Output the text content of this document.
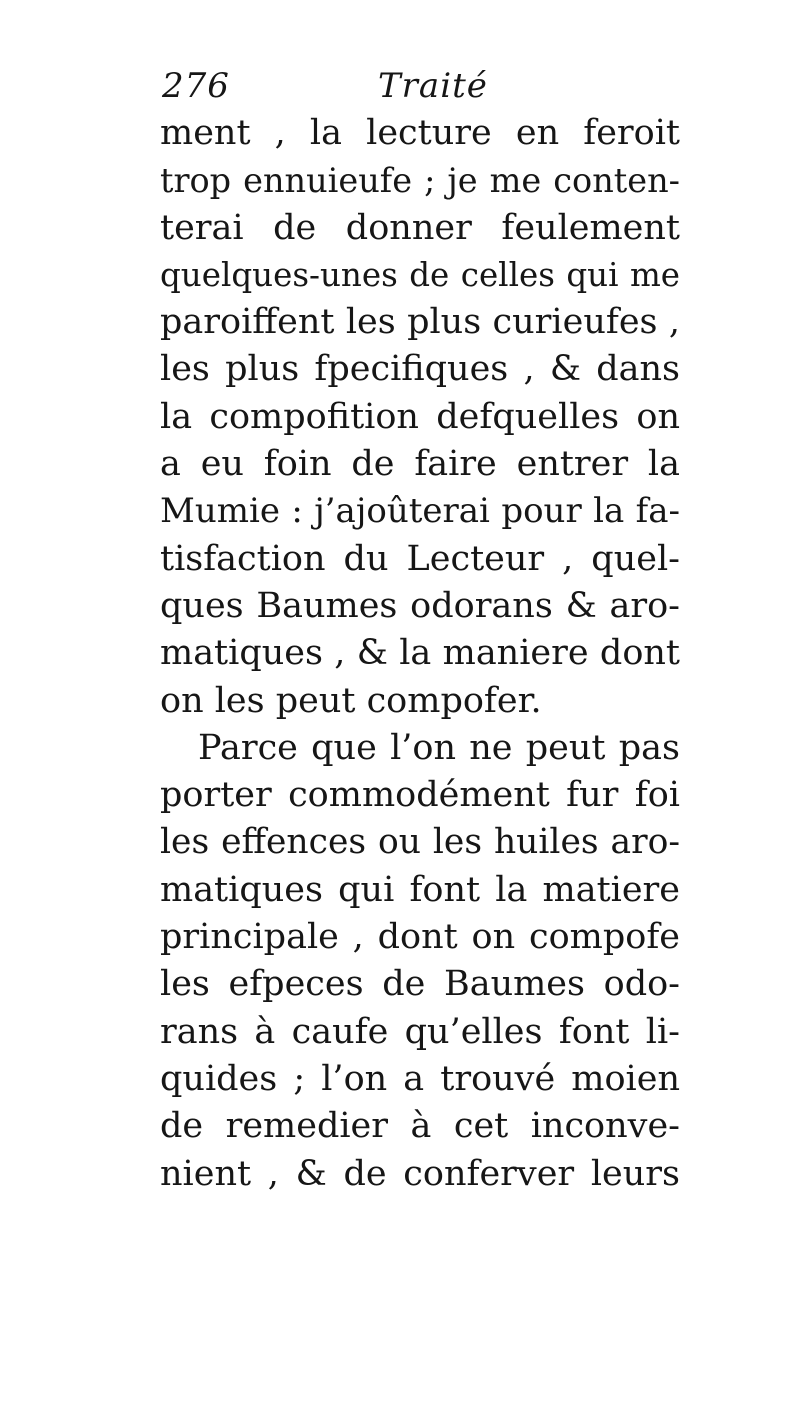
276	Traité
ment , la lecture en feroit
trop ennuieufe ; je me conten-
terai de donner feulement
quelques-unes de celles qui me
paroiffent les plus curieufes ,
les plus fpecifiques , & dans
la compofition defquelles on
a eu foin de faire entrer la
Mumie : j’ajoûterai pour la fa-
tisfaction du Lecteur , quel-
ques Baumes odorans & aro-
matiques , & la maniere dont
on les peut compofer.
Parce que l’on ne peut pas
porter commodément fur foi
les effences ou les huiles aro-
matiques qui font la matiere
principale , dont on compofe
les efpeces de Baumes odo-
rans à caufe qu’elles font li-
quides ; l’on a trouvé moien
de remedier à cet inconve-
nient , & de conferver leurs
